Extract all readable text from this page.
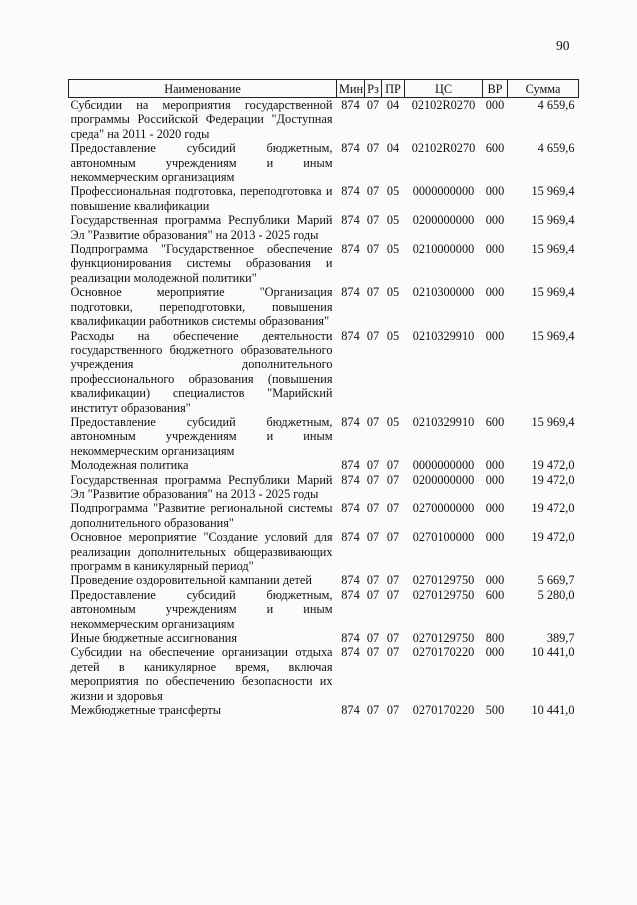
90
Наименование	Мин	Рз	ПР	ЦС	ВР	Сумма
Субсидии на мероприятия государственной программы Российской Федерации "Доступная среда" на 2011 - 2020 годы	874	07	04	02102R0270	000	4 659,6
Предоставление субсидий бюджетным, автономным учреждениям и иным некоммерческим организациям	874	07	04	02102R0270	600	4 659,6
Профессиональная подготовка, переподготовка и повышение квалификации	874	07	05	0000000000	000	15 969,4
Государственная программа Республики Марий Эл "Развитие образования" на 2013 - 2025 годы	874	07	05	0200000000	000	15 969,4
Подпрограмма "Государственное обеспечение функционирования системы образования и реализации молодежной политики"	874	07	05	0210000000	000	15 969,4
Основное мероприятие "Организация подготовки, переподготовки, повышения квалификации работников системы образования"	874	07	05	0210300000	000	15 969,4
Расходы на обеспечение деятельности государственного бюджетного образовательного учреждения дополнительного профессионального образования (повышения квалификации) специалистов "Марийский институт образования"	874	07	05	0210329910	000	15 969,4
Предоставление субсидий бюджетным, автономным учреждениям и иным некоммерческим организациям	874	07	05	0210329910	600	15 969,4
Молодежная политика	874	07	07	0000000000	000	19 472,0
Государственная программа Республики Марий Эл "Развитие образования" на 2013 - 2025 годы	874	07	07	0200000000	000	19 472,0
Подпрограмма "Развитие региональной системы дополнительного образования"	874	07	07	0270000000	000	19 472,0
Основное мероприятие "Создание условий для реализации дополнительных общеразвивающих программ в каникулярный период"	874	07	07	0270100000	000	19 472,0
Проведение оздоровительной кампании детей	874	07	07	0270129750	000	5 669,7
Предоставление субсидий бюджетным, автономным учреждениям и иным некоммерческим организациям	874	07	07	0270129750	600	5 280,0
Иные бюджетные ассигнования	874	07	07	0270129750	800	389,7
Субсидии на обеспечение организации отдыха детей в каникулярное время, включая мероприятия по обеспечению безопасности их жизни и здоровья	874	07	07	0270170220	000	10 441,0
Межбюджетные трансферты	874	07	07	0270170220	500	10 441,0
